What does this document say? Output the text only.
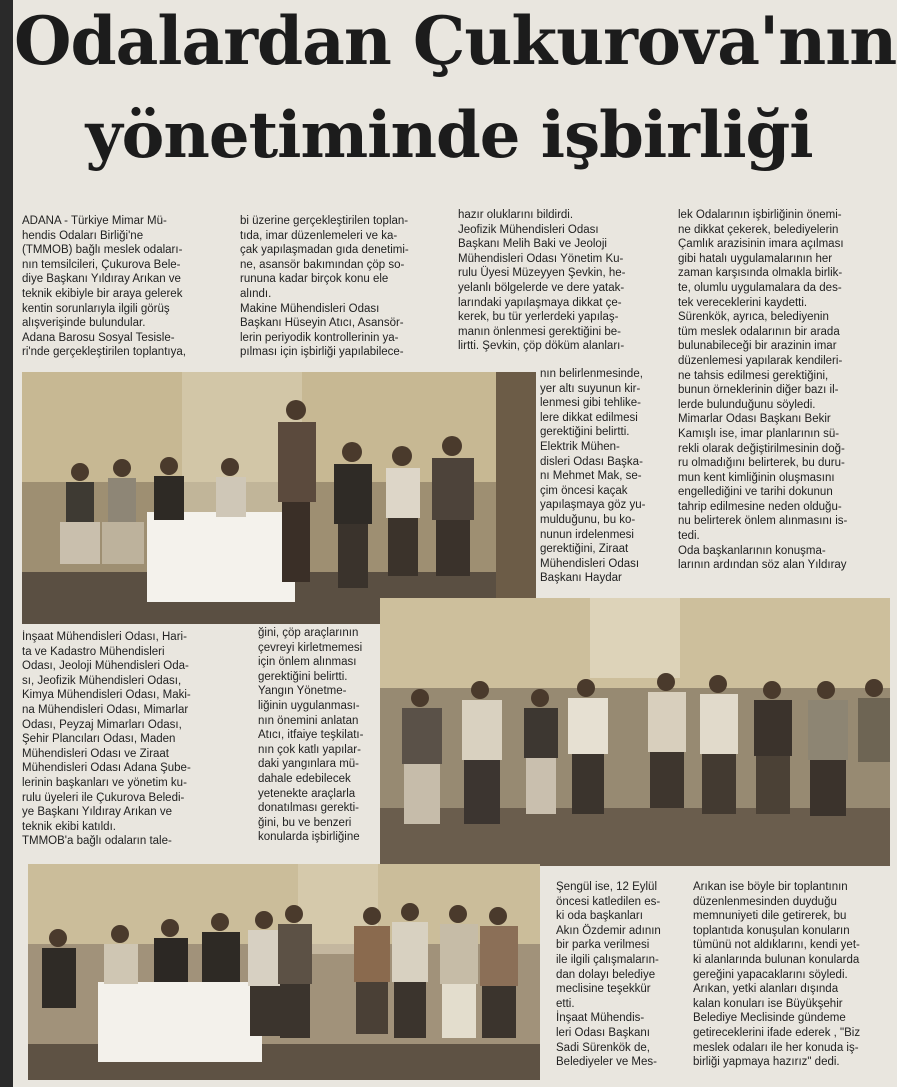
Odalardan Çukurova'nın
yönetiminde işbirliği

ADANA - Türkiye Mimar Mü-
hendis Odaları Birliği'ne
(TMMOB) bağlı meslek odaları-
nın temsilcileri, Çukurova Bele-
diye Başkanı Yıldıray Arıkan ve
teknik ekibiyle bir araya gelerek
kentin sorunlarıyla ilgili görüş
alışverişinde bulundular.
Adana Barosu Sosyal Tesisle-
ri'nde gerçekleştirilen toplantıya,

bi üzerine gerçekleştirilen toplan-
tıda, imar düzenlemeleri ve ka-
çak yapılaşmadan gıda denetimi-
ne, asansör bakımından çöp so-
rununa kadar birçok konu ele
alındı.
Makine Mühendisleri Odası
Başkanı Hüseyin Atıcı, Asansör-
lerin periyodik kontrollerinin ya-
pılması için işbirliği yapılabilece-

hazır oluklarını bildirdi.
Jeofizik Mühendisleri Odası
Başkanı Melih Baki ve Jeoloji
Mühendisleri Odası Yönetim Ku-
rulu Üyesi Müzeyyen Şevkin, he-
yelanlı bölgelerde ve dere yatak-
larındaki yapılaşmaya dikkat çe-
kerek, bu tür yerlerdeki yapılaş-
manın önlenmesi gerektiğini be-
lirtti. Şevkin, çöp döküm alanları-

nın belirlenmesinde,
yer altı suyunun kir-
lenmesi gibi tehlike-
lere dikkat edilmesi
gerektiğini belirtti.
Elektrik Mühen-
disleri Odası Başka-
nı Mehmet Mak, se-
çim öncesi kaçak
yapılaşmaya göz yu-
mulduğunu, bu ko-
nunun irdelenmesi
gerektiğini, Ziraat
Mühendisleri Odası
Başkanı Haydar

lek Odalarının işbirliğinin önemi-
ne dikkat çekerek, belediyelerin
Çamlık arazisinin imara açılması
gibi hatalı uygulamalarının her
zaman karşısında olmakla birlik-
te, olumlu uygulamalara da des-
tek vereceklerini kaydetti.
Sürenkök, ayrıca, belediyenin
tüm meslek odalarının bir arada
bulunabileceği bir arazinin imar
düzenlemesi yapılarak kendileri-
ne tahsis edilmesi gerektiğini,
bunun örneklerinin diğer bazı il-
lerde bulunduğunu söyledi.
Mimarlar Odası Başkanı Bekir
Kamışlı ise, imar planlarının sü-
rekli olarak değiştirilmesinin doğ-
ru olmadığını belirterek, bu duru-
mun kent kimliğinin oluşmasını
engellediğini ve tarihi dokunun
tahrip edilmesine neden olduğu-
nu belirterek önlem alınmasını is-
tedi.
Oda başkanlarının konuşma-
larının ardından söz alan Yıldıray

İnşaat Mühendisleri Odası, Hari-
ta ve Kadastro Mühendisleri
Odası, Jeoloji Mühendisleri Oda-
sı, Jeofizik Mühendisleri Odası,
Kimya Mühendisleri Odası, Maki-
na Mühendisleri Odası, Mimarlar
Odası, Peyzaj Mimarları Odası,
Şehir Plancıları Odası, Maden
Mühendisleri Odası ve Ziraat
Mühendisleri Odası Adana Şube-
lerinin başkanları ve yönetim ku-
rulu üyeleri ile Çukurova Beledi-
ye Başkanı Yıldıray Arıkan ve
teknik ekibi katıldı.
TMMOB'a bağlı odaların tale-

ğini, çöp araçlarının
çevreyi kirletmemesi
için önlem alınması
gerektiğini belirtti.
Yangın Yönetme-
liğinin uygulanması-
nın önemini anlatan
Atıcı, itfaiye teşkilatı-
nın çok katlı yapılar-
daki yangınlara mü-
dahale edebilecek
yetenekte araçlarla
donatılması gerekti-
ğini, bu ve benzeri
konularda işbirliğine

Şengül ise, 12 Eylül
öncesi katledilen es-
ki oda başkanları
Akın Özdemir adının
bir parka verilmesi
ile ilgili çalışmaların-
dan dolayı belediye
meclisine teşekkür
etti.
İnşaat Mühendis-
leri Odası Başkanı
Sadi Sürenkök de,
Belediyeler ve Mes-

Arıkan ise böyle bir toplantının
düzenlenmesinden duyduğu
memnuniyeti dile getirerek, bu
toplantıda konuşulan konuların
tümünü not aldıklarını, kendi yet-
ki alanlarında bulunan konularda
gereğini yapacaklarını söyledi.
Arıkan, yetki alanları dışında
kalan konuları ise Büyükşehir
Belediye Meclisinde gündeme
getireceklerini ifade ederek , "Biz
meslek odaları ile her konuda iş-
birliği yapmaya hazırız" dedi.
